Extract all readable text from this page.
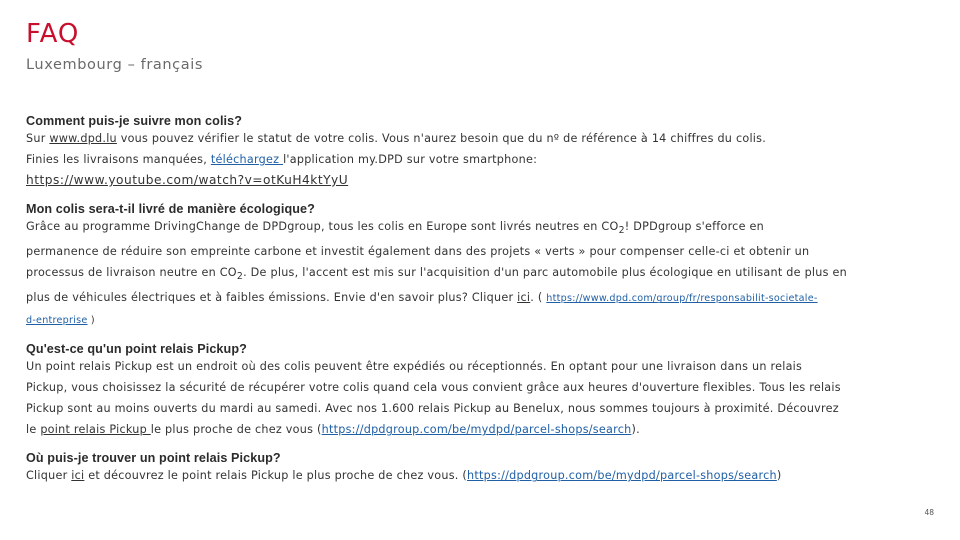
FAQ
Luxembourg – français
Comment puis-je suivre mon colis?
Sur www.dpd.lu vous pouvez vérifier le statut de votre colis. Vous n'aurez besoin que du nº de référence à 14 chiffres du colis.
Finies les livraisons manquées, téléchargez l'application my.DPD sur votre smartphone:
https://www.youtube.com/watch?v=otKuH4ktYyU
Mon colis sera-t-il livré de manière écologique?
Grâce au programme DrivingChange de DPDgroup, tous les colis en Europe sont livrés neutres en $CO_2$! DPDgroup s'efforce en
permanence de réduire son empreinte carbone et investit également dans des projets « verts » pour compenser celle-ci et obtenir un
processus de livraison neutre en $CO_2$. De plus, l'accent est mis sur l'acquisition d'un parc automobile plus écologique en utilisant de plus en
plus de véhicules électriques et à faibles émissions. Envie d'en savoir plus? Cliquer ici. ( https://www.dpd.com/group/fr/responsabilit-societale-
d-entreprise )
Qu'est-ce qu'un point relais Pickup?
Un point relais Pickup est un endroit où des colis peuvent être expédiés ou réceptionnés. En optant pour une livraison dans un relais
Pickup, vous choisissez la sécurité de récupérer votre colis quand cela vous convient grâce aux heures d'ouverture flexibles. Tous les relais
Pickup sont au moins ouverts du mardi au samedi. Avec nos 1.600 relais Pickup au Benelux, nous sommes toujours à proximité. Découvrez
le point relais Pickup le plus proche de chez vous (https://dpdgroup.com/be/mydpd/parcel-shops/search).
Où puis-je trouver un point relais Pickup?
Cliquer ici et découvrez le point relais Pickup le plus proche de chez vous. (https://dpdgroup.com/be/mydpd/parcel-shops/search)
48
